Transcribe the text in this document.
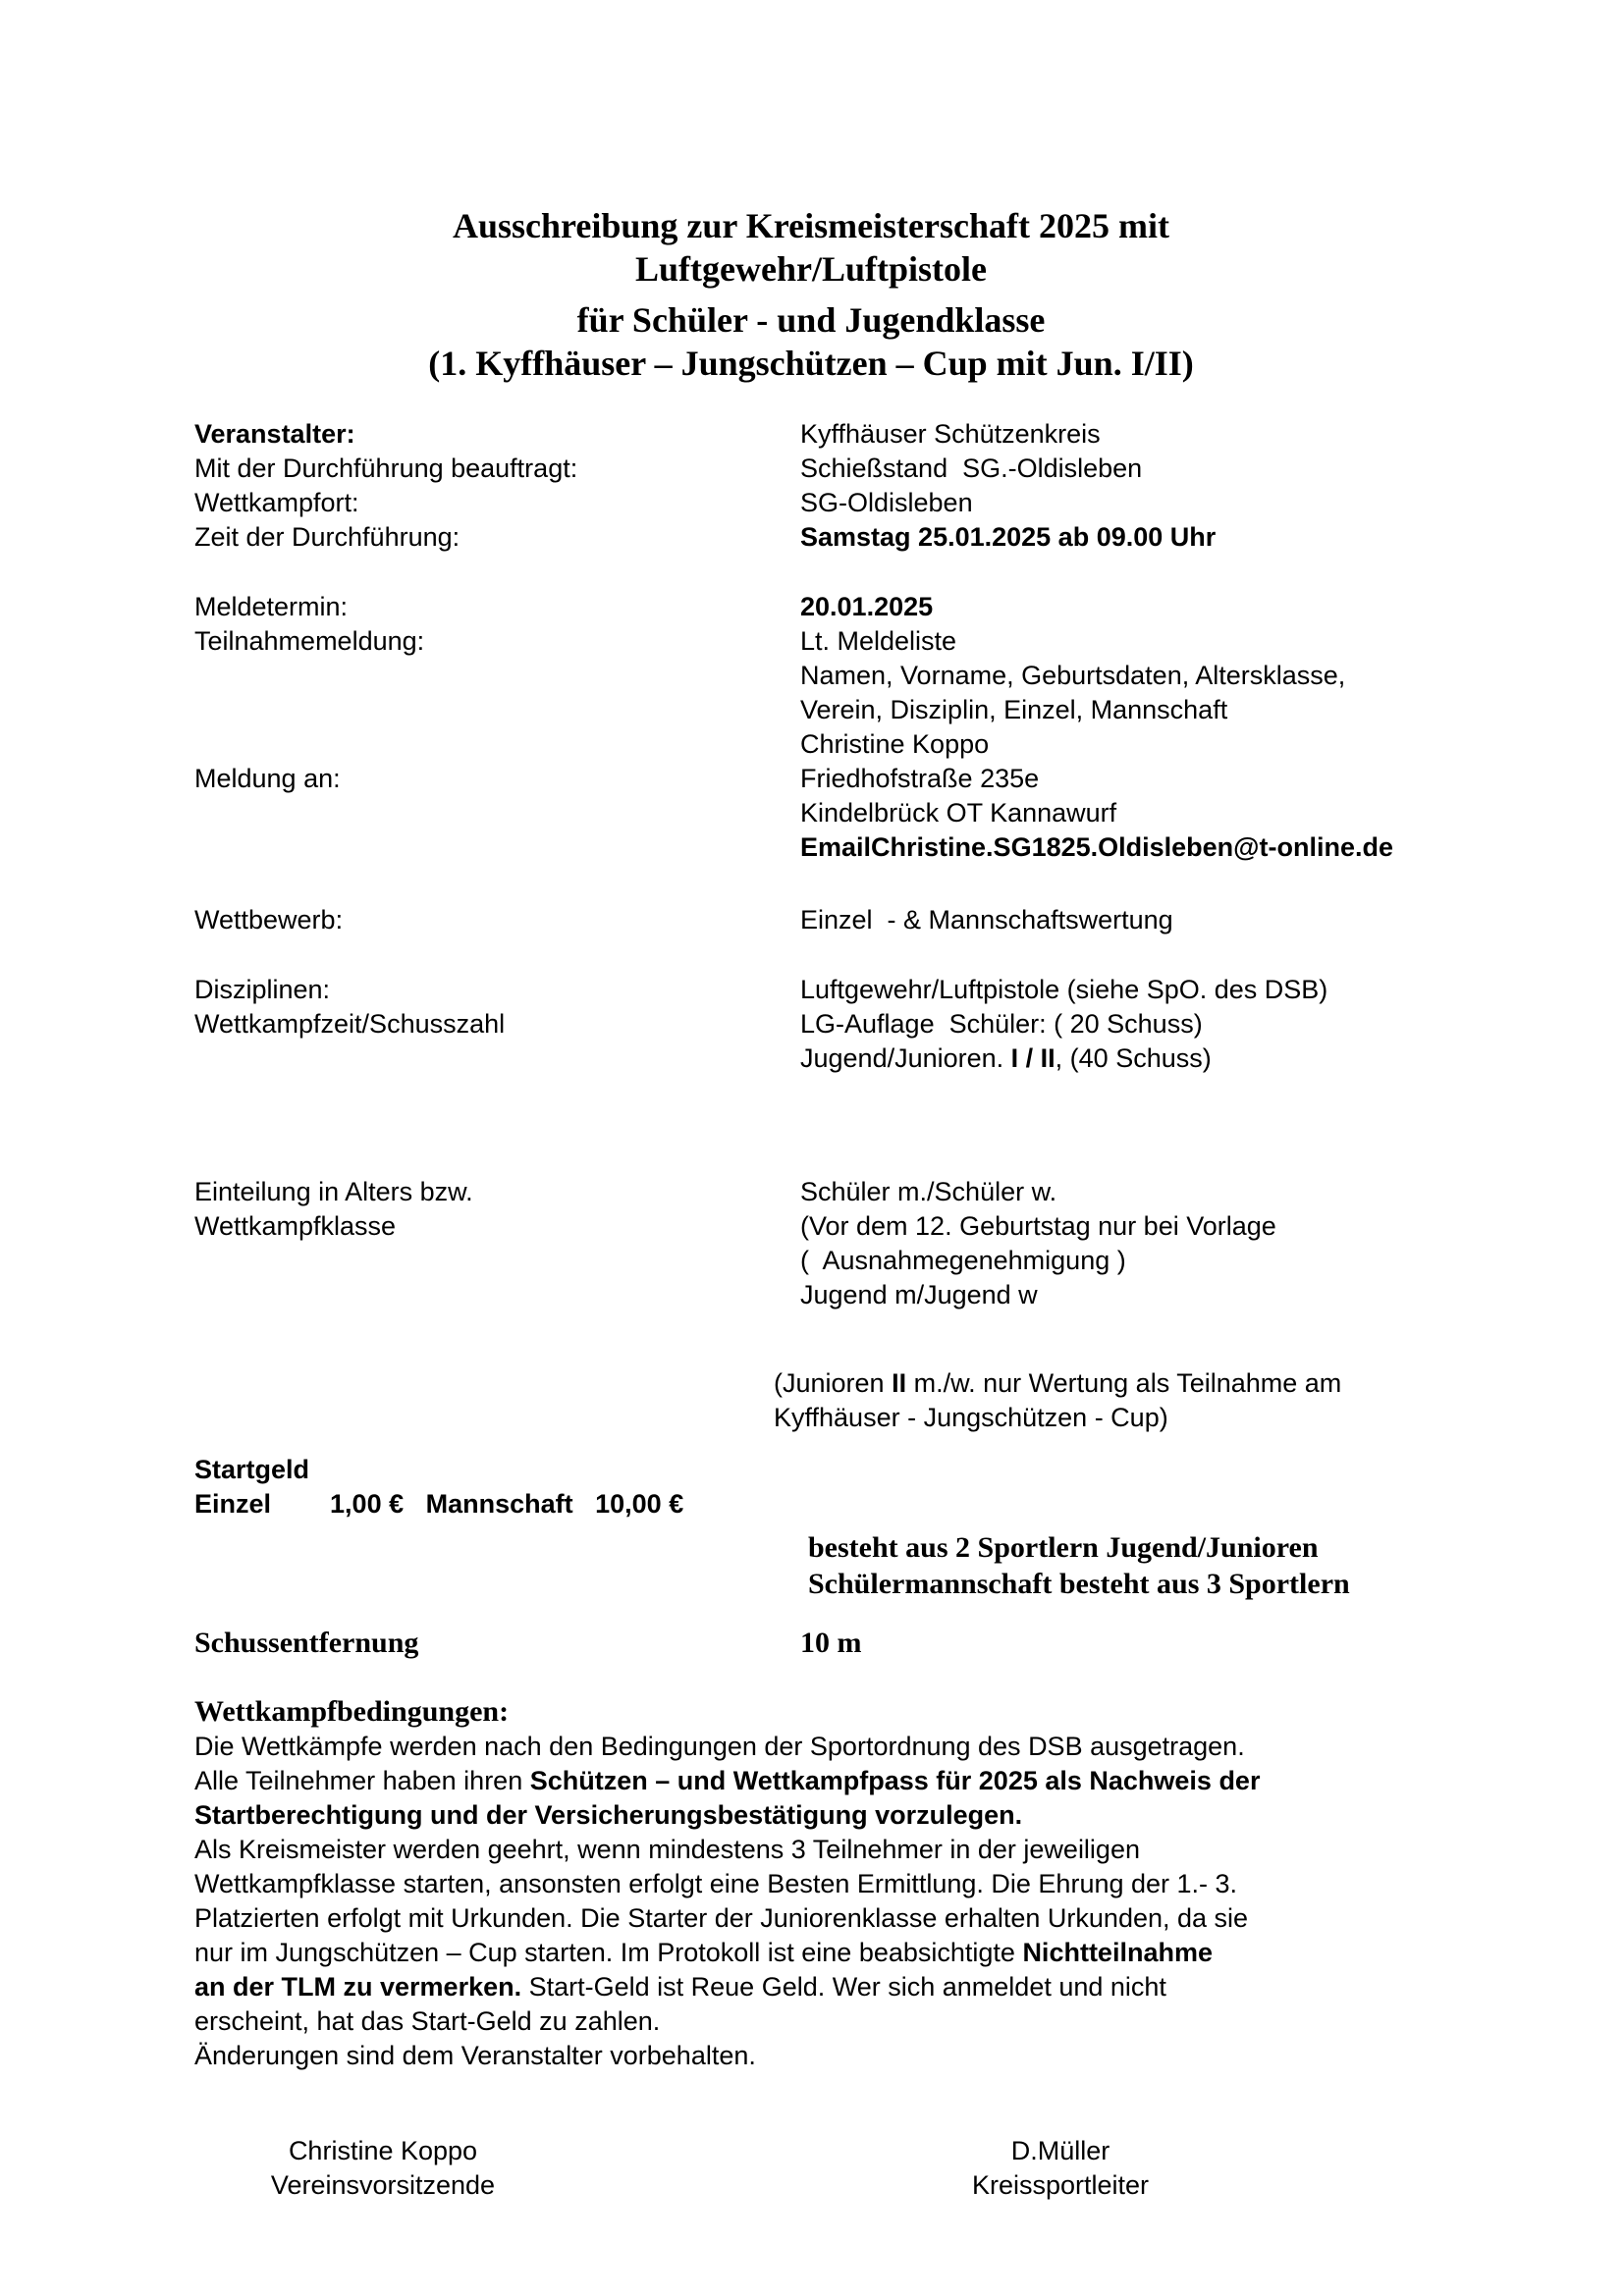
Ausschreibung zur Kreismeisterschaft 2025 mit
Luftgewehr/Luftpistole
für Schüler - und Jugendklasse
(1. Kyffhäuser – Jungschützen – Cup mit Jun. I/II)
Veranstalter:	Kyffhäuser Schützenkreis
Mit der Durchführung beauftragt:	Schießstand  SG.-Oldisleben
Wettkampfort:	SG-Oldisleben
Zeit der Durchführung:	Samstag 25.01.2025 ab 09.00 Uhr
Meldetermin:	20.01.2025
Teilnahmemeldung:	Lt. Meldeliste
Namen, Vorname, Geburtsdaten, Altersklasse,
Verein, Disziplin, Einzel, Mannschaft
Christine Koppo
Meldung an:	Friedhofstraße 235e
Kindelbrück OT Kannawurf
EmailChristine.SG1825.Oldisleben@t-online.de
Wettbewerb:	Einzel  - & Mannschaftswertung
Disziplinen:	Luftgewehr/Luftpistole (siehe SpO. des DSB)
Wettkampfzeit/Schusszahl	LG-Auflage  Schüler: ( 20 Schuss)
Jugend/Junioren. I / II, (40 Schuss)
Einteilung in Alters bzw.	Schüler m./Schüler w.
Wettkampfklasse	(Vor dem 12. Geburtstag nur bei Vorlage
(  Ausnahmegenehmigung )
Jugend m/Jugend w
(Junioren II m./w. nur Wertung als Teilnahme am
Kyffhäuser - Jungschützen - Cup)
Startgeld
Einzel        1,00 €   Mannschaft   10,00 €
besteht aus 2 Sportlern Jugend/Junioren
Schülermannschaft besteht aus 3 Sportlern
Schussentfernung	10 m
Wettkampfbedingungen:
Die Wettkämpfe werden nach den Bedingungen der Sportordnung des DSB ausgetragen.
Alle Teilnehmer haben ihren Schützen – und Wettkampfpass für 2025 als Nachweis der
Startberechtigung und der Versicherungsbestätigung vorzulegen.
Als Kreismeister werden geehrt, wenn mindestens 3 Teilnehmer in der jeweiligen
Wettkampfklasse starten, ansonsten erfolgt eine Besten Ermittlung. Die Ehrung der 1.- 3.
Platzierten erfolgt mit Urkunden. Die Starter der Juniorenklasse erhalten Urkunden, da sie
nur im Jungschützen – Cup starten. Im Protokoll ist eine beabsichtigte Nichtteilnahme
an der TLM zu vermerken. Start-Geld ist Reue Geld. Wer sich anmeldet und nicht
erscheint, hat das Start-Geld zu zahlen.
Änderungen sind dem Veranstalter vorbehalten.
Christine Koppo
Vereinsvorsitzende
D.Müller
Kreissportleiter
